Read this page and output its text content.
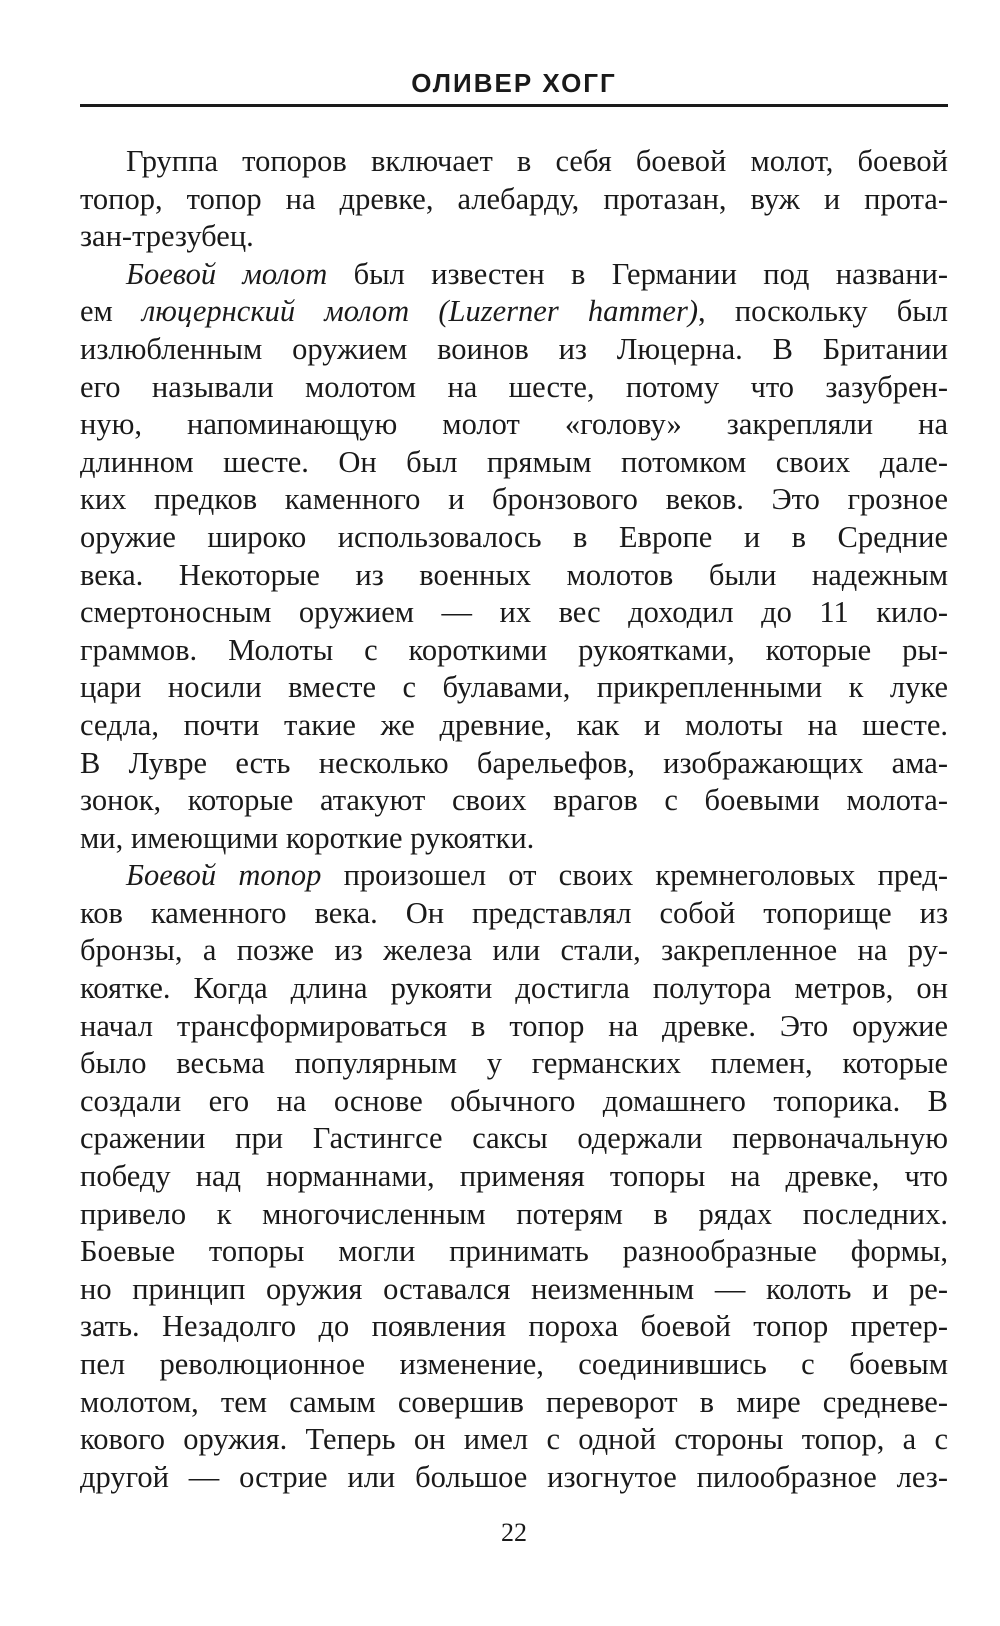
ОЛИВЕР ХОГГ
Группа топоров включает в себя боевой молот, боевой
топор, топор на древке, алебарду, протазан, вуж и прота-
зан-трезубец.
Боевой молот был известен в Германии под названи-
ем люцернский молот (Luzerner hammer), поскольку был
излюбленным оружием воинов из Люцерна. В Британии
его называли молотом на шесте, потому что зазубрен-
ную, напоминающую молот «голову» закрепляли на
длинном шесте. Он был прямым потомком своих дале-
ких предков каменного и бронзового веков. Это грозное
оружие широко использовалось в Европе и в Средние
века. Некоторые из военных молотов были надежным
смертоносным оружием — их вес доходил до 11 кило-
граммов. Молоты с короткими рукоятками, которые ры-
цари носили вместе с булавами, прикрепленными к луке
седла, почти такие же древние, как и молоты на шесте.
В Лувре есть несколько барельефов, изображающих ама-
зонок, которые атакуют своих врагов с боевыми молота-
ми, имеющими короткие рукоятки.
Боевой топор произошел от своих кремнеголовых пред-
ков каменного века. Он представлял собой топорище из
бронзы, а позже из железа или стали, закрепленное на ру-
коятке. Когда длина рукояти достигла полутора метров, он
начал трансформироваться в топор на древке. Это оружие
было весьма популярным у германских племен, которые
создали его на основе обычного домашнего топорика. В
сражении при Гастингсе саксы одержали первоначальную
победу над норманнами, применяя топоры на древке, что
привело к многочисленным потерям в рядах последних.
Боевые топоры могли принимать разнообразные формы,
но принцип оружия оставался неизменным — колоть и ре-
зать. Незадолго до появления пороха боевой топор претер-
пел революционное изменение, соединившись с боевым
молотом, тем самым совершив переворот в мире средневе-
кового оружия. Теперь он имел с одной стороны топор, а с
другой — острие или большое изогнутое пилообразное лез-
22
